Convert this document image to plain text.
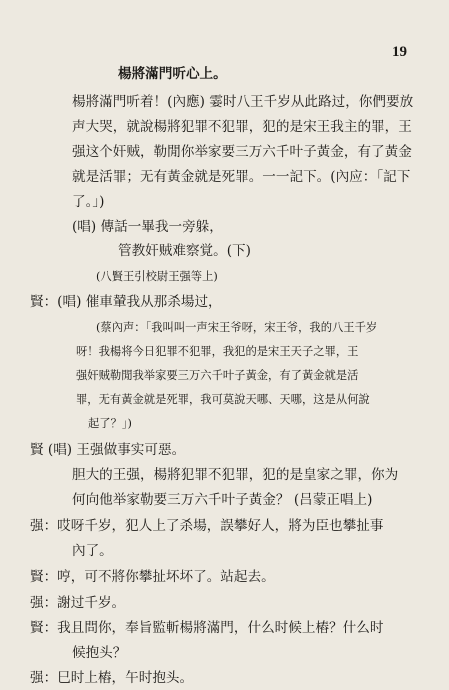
19
楊將滿門听心上。
楊將滿門听着！(內應) 霎时八王千岁从此路过，你們要放
声大哭，就說楊將犯罪不犯罪，犯的是宋王我主的罪，王
强这个奸贼，勒閒你举家要三万六千叶子黃金，有了黃金
就是活罪；无有黃金就是死罪。一一記下。(內应：「記下
了。」)
(唱) 傳話一畢我一旁躲，
管教奸贼难察覚。(下)
(八賢王引校尉王强等上)
賢：(唱) 催車輦我从那杀場过，
(蔡內声：「我叫叫一声宋王爷呀，宋王爷，我的八王千岁
呀！我楊将今日犯罪不犯罪，我犯的是宋王天子之罪，王
强奸贼勒閒我举家要三万六千叶子黃金，有了黃金就是活
罪，无有黃金就是死罪，我可莫說天哪、天哪，这是从何說
起了？」)
賢 (唱) 王强做事实可惡。
胆大的王强，楊將犯罪不犯罪，犯的是皇家之罪，你为
何向他举家勒要三万六千叶子黃金？ (吕蒙正唱上)
强：哎呀千岁，犯人上了杀場，誤攀好人，將为臣也攀扯事
內了。
賢：哼，可不將你攀扯坏坏了。站起去。
强：謝过千岁。
賢：我且問你，奉旨監斬楊將滿門，什么时候上樁？什么时
候抱头？
强：巳时上樁，午时抱头。
